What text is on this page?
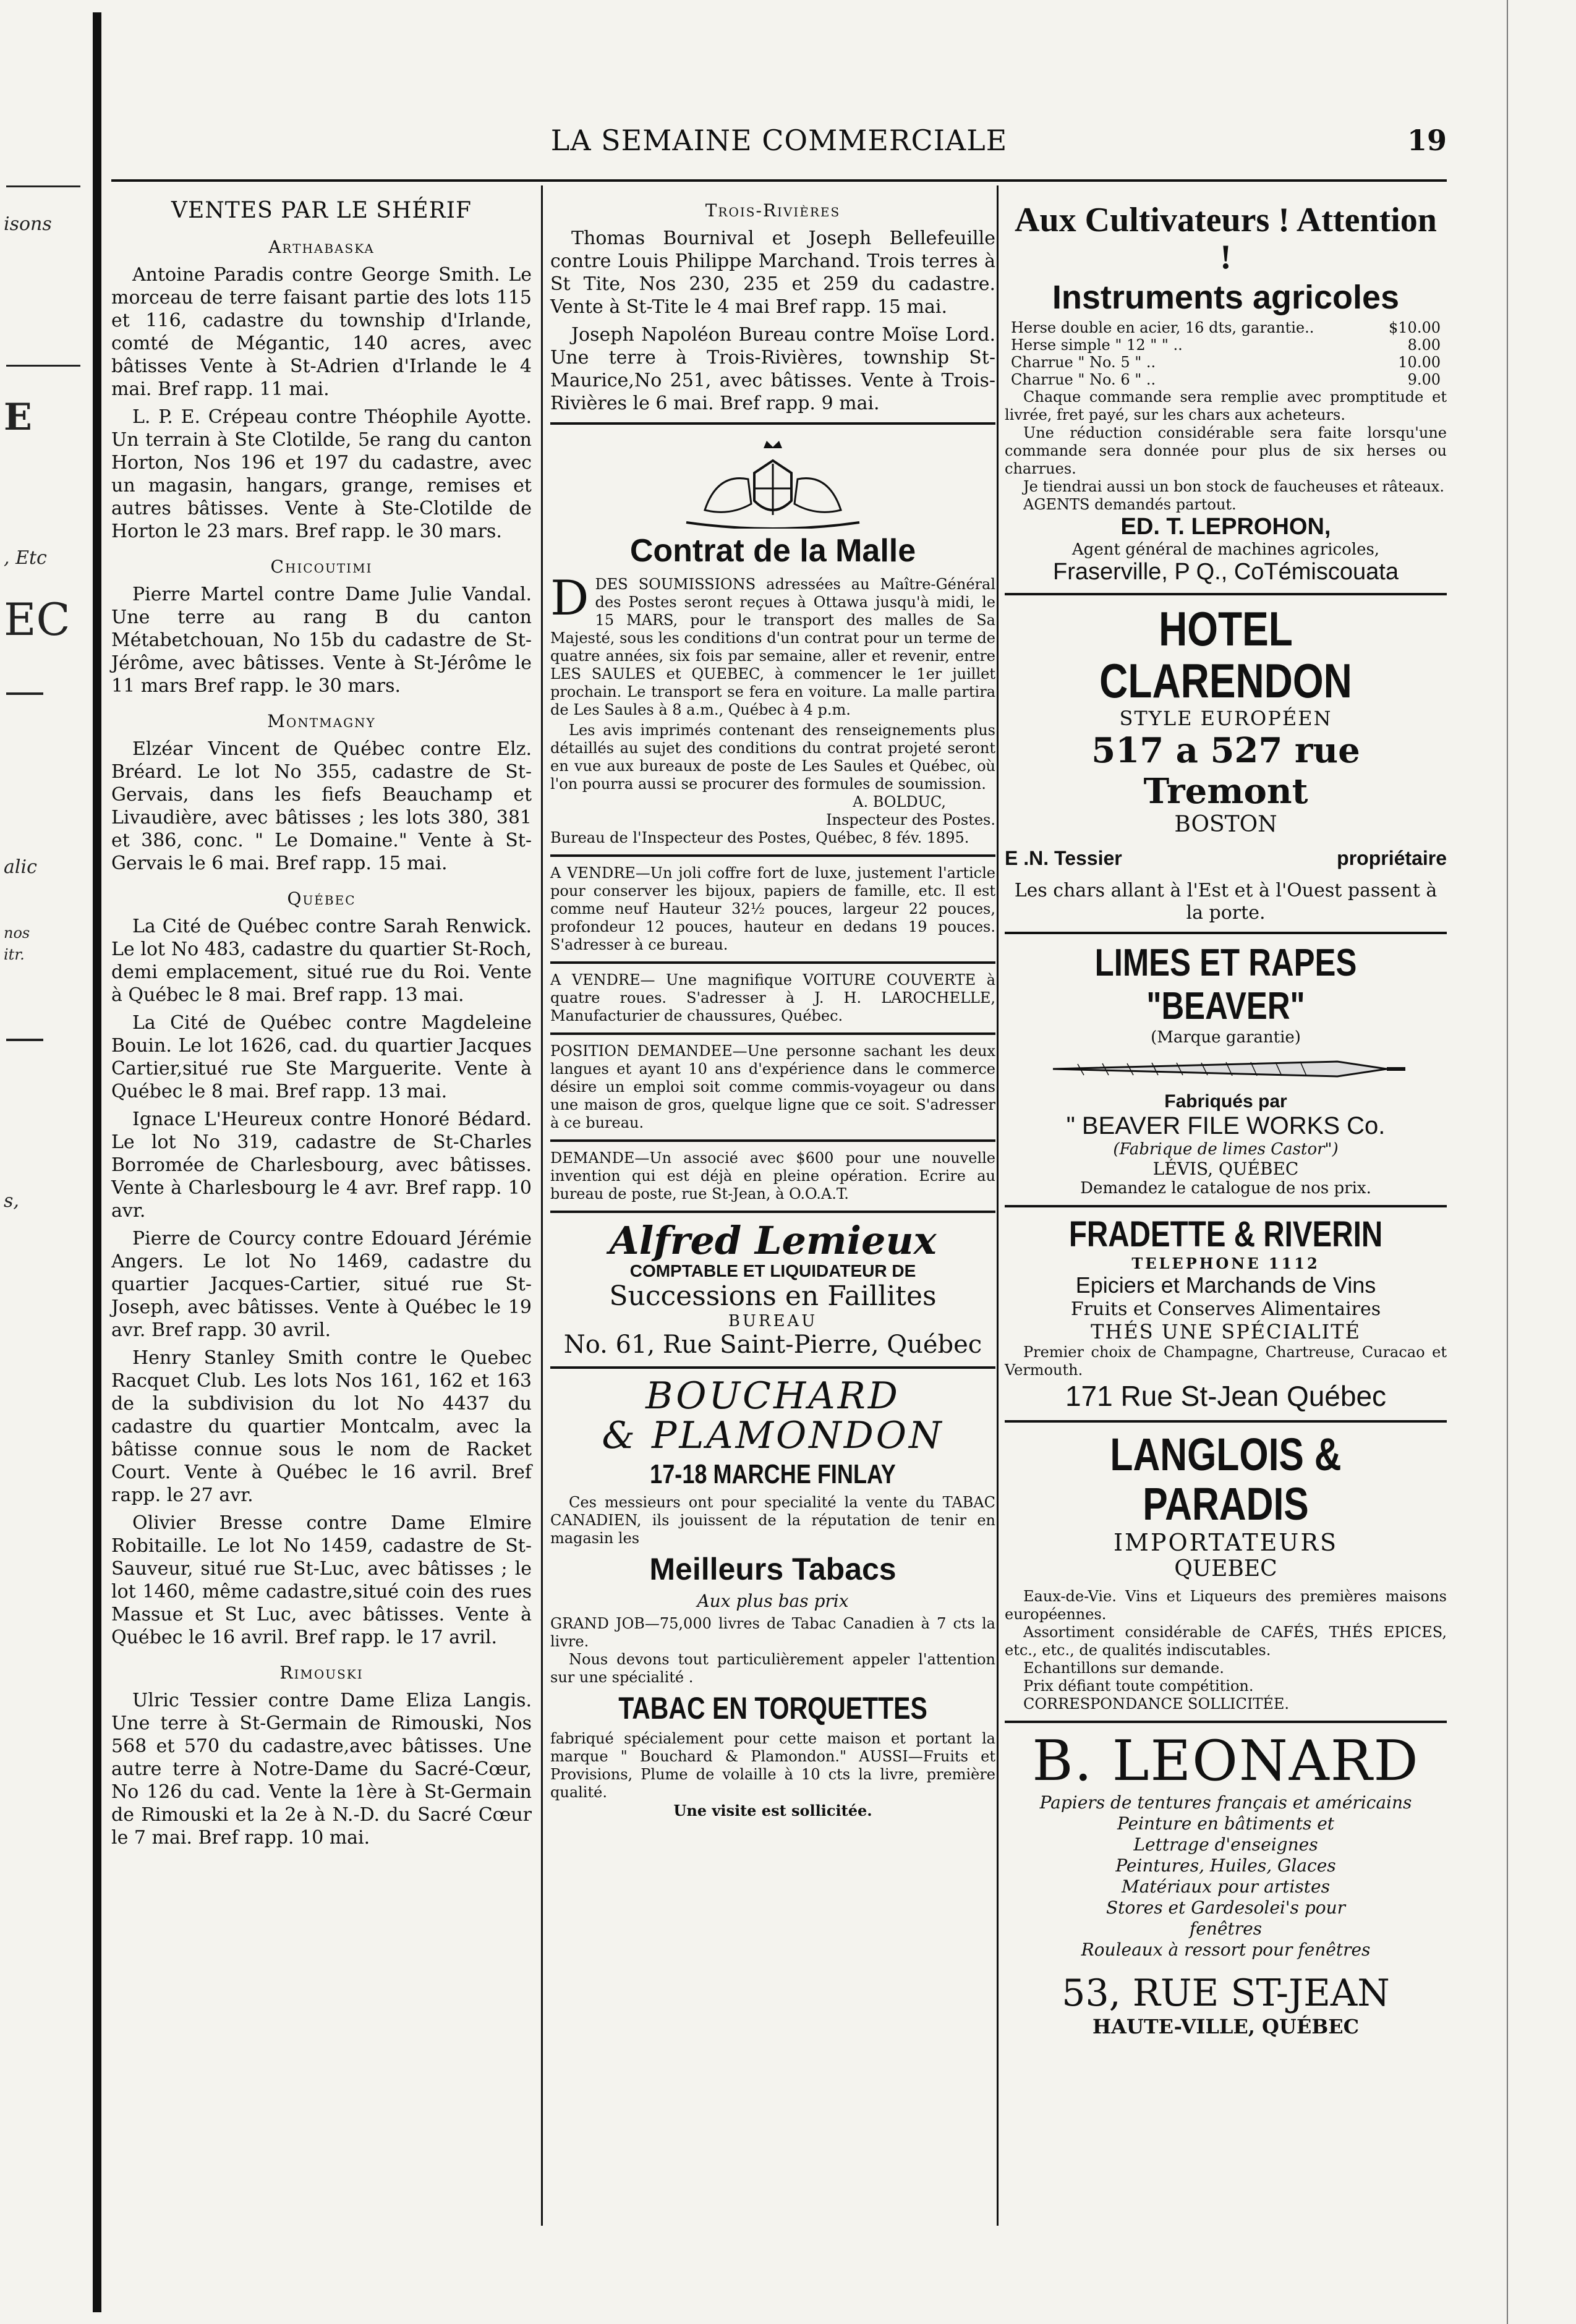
isons
E
, Etc
EC
alic
nos
itr.
s,
LA SEMAINE COMMERCIALE	19
VENTES PAR LE SHÉRIF
Arthabaska

Antoine Paradis contre George Smith. Le morceau de terre faisant partie des lots 115 et 116, cadastre du township d'Irlande, comté de Mégantic, 140 acres, avec bâtisses Vente à St-Adrien d'Irlande le 4 mai. Bref rapp. 11 mai.

L. P. E. Crépeau contre Théophile Ayotte. Un terrain à Ste Clotilde, 5e rang du canton Horton, Nos 196 et 197 du cadastre, avec un magasin, hangars, grange, remises et autres bâtisses. Vente à Ste-Clotilde de Horton le 23 mars. Bref rapp. le 30 mars.

Chicoutimi

Pierre Martel contre Dame Julie Vandal. Une terre au rang B du canton Métabetchouan, No 15b du cadastre de St-Jérôme, avec bâtisses. Vente à St-Jérôme le 11 mars Bref rapp. le 30 mars.

Montmagny

Elzéar Vincent de Québec contre Elz. Bréard. Le lot No 355, cadastre de St-Gervais, dans les fiefs Beauchamp et Livaudière, avec bâtisses ; les lots 380, 381 et 386, conc. " Le Domaine." Vente à St-Gervais le 6 mai. Bref rapp. 15 mai.

Québec

La Cité de Québec contre Sarah Renwick. Le lot No 483, cadastre du quartier St-Roch, demi emplacement, situé rue du Roi. Vente à Québec le 8 mai. Bref rapp. 13 mai.

La Cité de Québec contre Magdeleine Bouin. Le lot 1626, cad. du quartier Jacques Cartier,situé rue Ste Marguerite. Vente à Québec le 8 mai. Bref rapp. 13 mai.

Ignace L'Heureux contre Honoré Bédard. Le lot No 319, cadastre de St-Charles Borromée de Charlesbourg, avec bâtisses. Vente à Charlesbourg le 4 avr. Bref rapp. 10 avr.

Pierre de Courcy contre Edouard Jérémie Angers. Le lot No 1469, cadastre du quartier Jacques-Cartier, situé rue St-Joseph, avec bâtisses. Vente à Québec le 19 avr. Bref rapp. 30 avril.

Henry Stanley Smith contre le Quebec Racquet Club. Les lots Nos 161, 162 et 163 de la subdivision du lot No 4437 du cadastre du quartier Montcalm, avec la bâtisse connue sous le nom de Racket Court. Vente à Québec le 16 avril. Bref rapp. le 27 avr.

Olivier Bresse contre Dame Elmire Robitaille. Le lot No 1459, cadastre de St-Sauveur, situé rue St-Luc, avec bâtisses ; le lot 1460, même cadastre,situé coin des rues Massue et St Luc, avec bâtisses. Vente à Québec le 16 avril. Bref rapp. le 17 avril.

Rimouski

Ulric Tessier contre Dame Eliza Langis. Une terre à St-Germain de Rimouski, Nos 568 et 570 du cadastre,avec bâtisses. Une autre terre à Notre-Dame du Sacré-Cœur, No 126 du cad. Vente la 1ère à St-Germain de Rimouski et la 2e à N.-D. du Sacré Cœur le 7 mai. Bref rapp. 10 mai.

Trois-Rivières

Thomas Bournival et Joseph Bellefeuille contre Louis Philippe Marchand. Trois terres à St Tite, Nos 230, 235 et 259 du cadastre. Vente à St-Tite le 4 mai Bref rapp. 15 mai.

Joseph Napoléon Bureau contre Moïse Lord. Une terre à Trois-Rivières, township St-Maurice,No 251, avec bâtisses. Vente à Trois-Rivières le 6 mai. Bref rapp. 9 mai.

Contrat de la Malle

D DES SOUMISSIONS adressées au Maître-Général des Postes seront reçues à Ottawa jusqu'à midi, le 15 MARS, pour le transport des malles de Sa Majesté, sous les conditions d'un contrat pour un terme de quatre années, six fois par semaine, aller et revenir, entre LES SAULES et QUEBEC, à commencer le 1er juillet prochain. Le transport se fera en voiture. La malle partira de Les Saules à 8 a.m., Québec à 4 p.m.

Les avis imprimés contenant des renseignements plus détaillés au sujet des conditions du contrat projeté seront en vue aux bureaux de poste de Les Saules et Québec, où l'on pourra aussi se procurer des formules de soumission.

A. BOLDUC,

Inspecteur des Postes.

Bureau de l'Inspecteur des Postes, Québec, 8 fév. 1895.

A VENDRE—Un joli coffre fort de luxe, justement l'article pour conserver les bijoux, papiers de famille, etc. Il est comme neuf Hauteur 32½ pouces, largeur 22 pouces, profondeur 12 pouces, hauteur en dedans 19 pouces. S'adresser à ce bureau.

A VENDRE— Une magnifique VOITURE COUVERTE à quatre roues. S'adresser à J. H. LAROCHELLE, Manufacturier de chaussures, Québec.

POSITION DEMANDEE—Une personne sachant les deux langues et ayant 10 ans d'expérience dans le commerce désire un emploi soit comme commis-voyageur ou dans une maison de gros, quelque ligne que ce soit. S'adresser à ce bureau.

DEMANDE—Un associé avec $600 pour une nouvelle invention qui est déjà en pleine opération. Ecrire au bureau de poste, rue St-Jean, à O.O.A.T.

Alfred Lemieux
COMPTABLE ET LIQUIDATEUR DE
Successions en Faillites
BUREAU
No. 61, Rue Saint-Pierre, Québec
BOUCHARD
& PLAMONDON
17-18 MARCHE FINLAY

Ces messieurs ont pour specialité la vente du TABAC CANADIEN, ils jouissent de la réputation de tenir en magasin les

Meilleurs Tabacs
Aux plus bas prix

GRAND JOB—75,000 livres de Tabac Canadien à 7 cts la livre.

Nous devons tout particulièrement appeler l'attention sur une spécialité .

TABAC EN TORQUETTES

fabriqué spécialement pour cette maison et portant la marque " Bouchard & Plamondon." AUSSI—Fruits et Provisions, Plume de volaille à 10 cts la livre, première qualité.

Une visite est sollicitée.

Aux Cultivateurs ! Attention !
Instruments agricoles
Herse double en acier, 16 dts, garantie..	$10.00
Herse simple " 12 " " ..	8.00
Charrue " No. 5 " ..	10.00
Charrue " No. 6 " ..	9.00

Chaque commande sera remplie avec promptitude et livrée, fret payé, sur les chars aux acheteurs.

Une réduction considérable sera faite lorsqu'une commande sera donnée pour plus de six herses ou charrues.

Je tiendrai aussi un bon stock de faucheuses et râteaux.

AGENTS demandés partout.

ED. T. LEPROHON,
Agent général de machines agricoles,
Fraserville, P Q., CoTémiscouata
HOTEL CLARENDON
STYLE EUROPÉEN
517 a 527 rue Tremont
BOSTON
E .N. Tessier	propriétaire

Les chars allant à l'Est et à l'Ouest passent à la porte.

LIMES ET RAPES "BEAVER"
(Marque garantie)
Fabriqués par
" BEAVER FILE WORKS Co.
(Fabrique de limes Castor")
LÉVIS, QUÉBEC
Demandez le catalogue de nos prix.
FRADETTE & RIVERIN
TELEPHONE 1112
Epiciers et Marchands de Vins
Fruits et Conserves Alimentaires
THÉS UNE SPÉCIALITÉ

Premier choix de Champagne, Chartreuse, Curacao et Vermouth.

171 Rue St-Jean Québec
LANGLOIS & PARADIS
IMPORTATEURS
QUEBEC

Eaux-de-Vie. Vins et Liqueurs des premières maisons européennes.

Assortiment considérable de CAFÉS, THÉS EPICES, etc., etc., de qualités indiscutables.

Echantillons sur demande.

Prix défiant toute compétition.

CORRESPONDANCE SOLLICITÉE.

B. LEONARD
Papiers de tentures français et américains
Peinture en bâtiments et
Lettrage d'enseignes
Peintures, Huiles, Glaces
Matériaux pour artistes
Stores et Gardesolei's pour
fenêtres
Rouleaux à ressort pour fenêtres
53, RUE ST-JEAN
HAUTE-VILLE, QUÉBEC
